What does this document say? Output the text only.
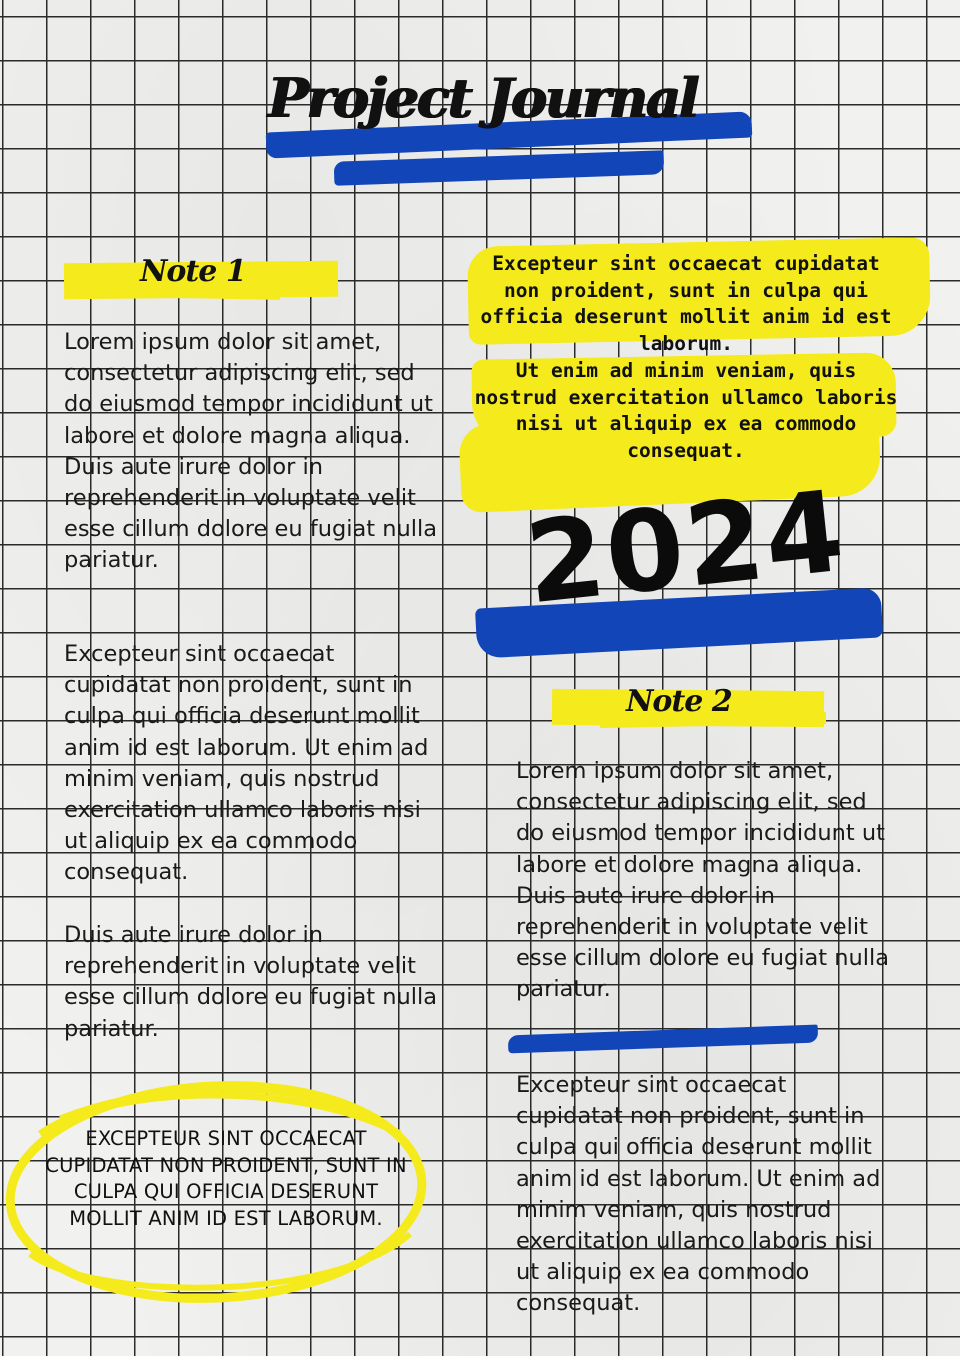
Project Journal
Note 1

Lorem ipsum dolor sit amet, consectetur adipiscing elit, sed do eiusmod tempor incididunt ut labore et dolore magna aliqua. Duis aute irure dolor in reprehenderit in voluptate velit esse cillum dolore eu fugiat nulla pariatur.

Excepteur sint occaecat cupidatat non proident, sunt in culpa qui officia deserunt mollit anim id est laborum. Ut enim ad minim veniam, quis nostrud exercitation ullamco laboris nisi ut aliquip ex ea commodo consequat.

Duis aute irure dolor in reprehenderit in voluptate velit esse cillum dolore eu fugiat nulla pariatur.

Excepteur sint occaecat cupidatat non proident, sunt in culpa qui officia deserunt mollit anim id est laborum.

Ut enim ad minim veniam, quis nostrud exercitation ullamco laboris nisi ut aliquip ex ea commodo consequat.

2024
Note 2

Lorem ipsum dolor sit amet, consectetur adipiscing elit, sed do eiusmod tempor incididunt ut labore et dolore magna aliqua. Duis aute irure dolor in reprehenderit in voluptate velit esse cillum dolore eu fugiat nulla pariatur.

Excepteur sint occaecat cupidatat non proident, sunt in culpa qui officia deserunt mollit anim id est laborum. Ut enim ad minim veniam, quis nostrud exercitation ullamco laboris nisi ut aliquip ex ea commodo consequat.

EXCEPTEUR SINT OCCAECAT CUPIDATAT NON PROIDENT, SUNT IN CULPA QUI OFFICIA DESERUNT MOLLIT ANIM ID EST LABORUM.
